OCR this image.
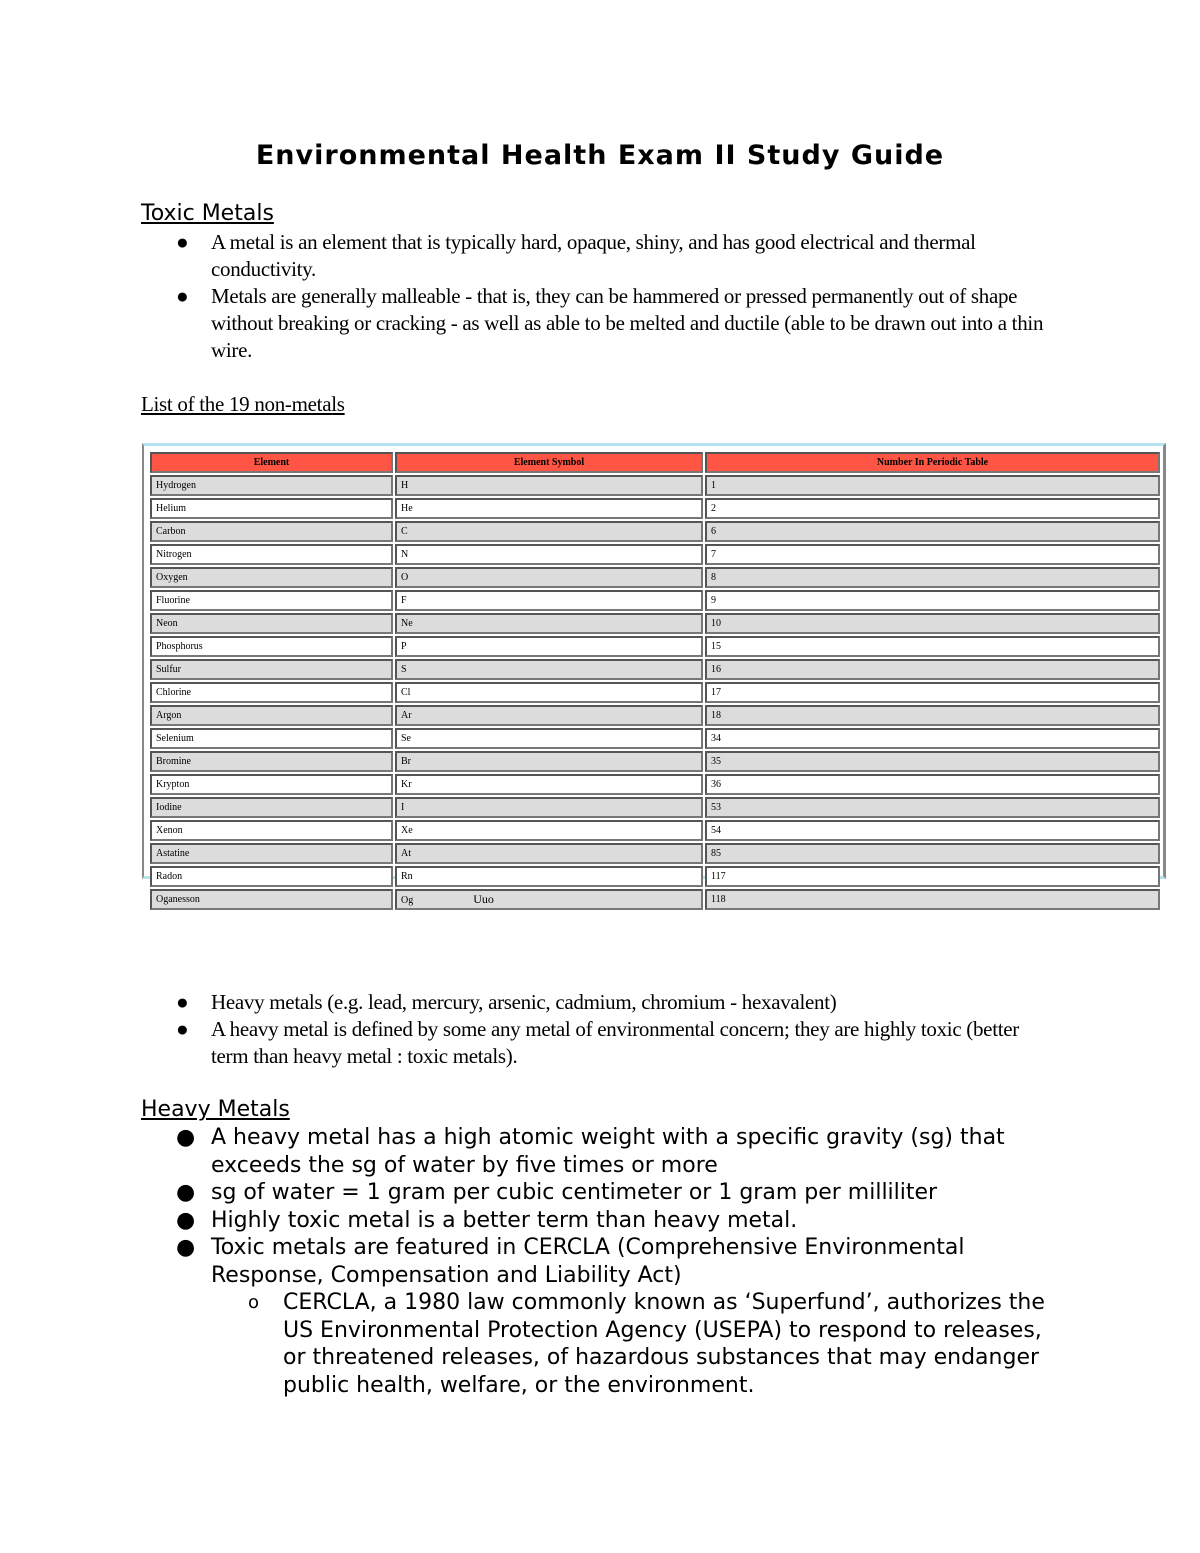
Environmental Health Exam II Study Guide
Toxic Metals
● A metal is an element that is typically hard, opaque, shiny, and has good electrical and thermal conductivity.
● Metals are generally malleable - that is, they can be hammered or pressed permanently out of shape without breaking or cracking - as well as able to be melted and ductile (able to be drawn out into a thin wire.
List of the 19 non-metals
Element	Element Symbol	Number In Periodic Table
Hydrogen	H	1
Helium	He	2
Carbon	C	6
Nitrogen	N	7
Oxygen	O	8
Fluorine	F	9
Neon	Ne	10
Phosphorus	P	15
Sulfur	S	16
Chlorine	Cl	17
Argon	Ar	18
Selenium	Se	34
Bromine	Br	35
Krypton	Kr	36
Iodine	I	53
Xenon	Xe	54
Astatine	At	85
Radon	Rn	117
Oganesson	Og Uuo	118
● Heavy metals (e.g. lead, mercury, arsenic, cadmium, chromium - hexavalent)
● A heavy metal is defined by some any metal of environmental concern; they are highly toxic (better term than heavy metal : toxic metals).
Heavy Metals
● A heavy metal has a high atomic weight with a specific gravity (sg) that exceeds the sg of water by five times or more
● sg of water = 1 gram per cubic centimeter or 1 gram per milliliter
● Highly toxic metal is a better term than heavy metal.
● Toxic metals are featured in CERCLA (Comprehensive Environmental Response, Compensation and Liability Act)
o CERCLA, a 1980 law commonly known as ‘Superfund’, authorizes the US Environmental Protection Agency (USEPA) to respond to releases, or threatened releases, of hazardous substances that may endanger public health, welfare, or the environment.
